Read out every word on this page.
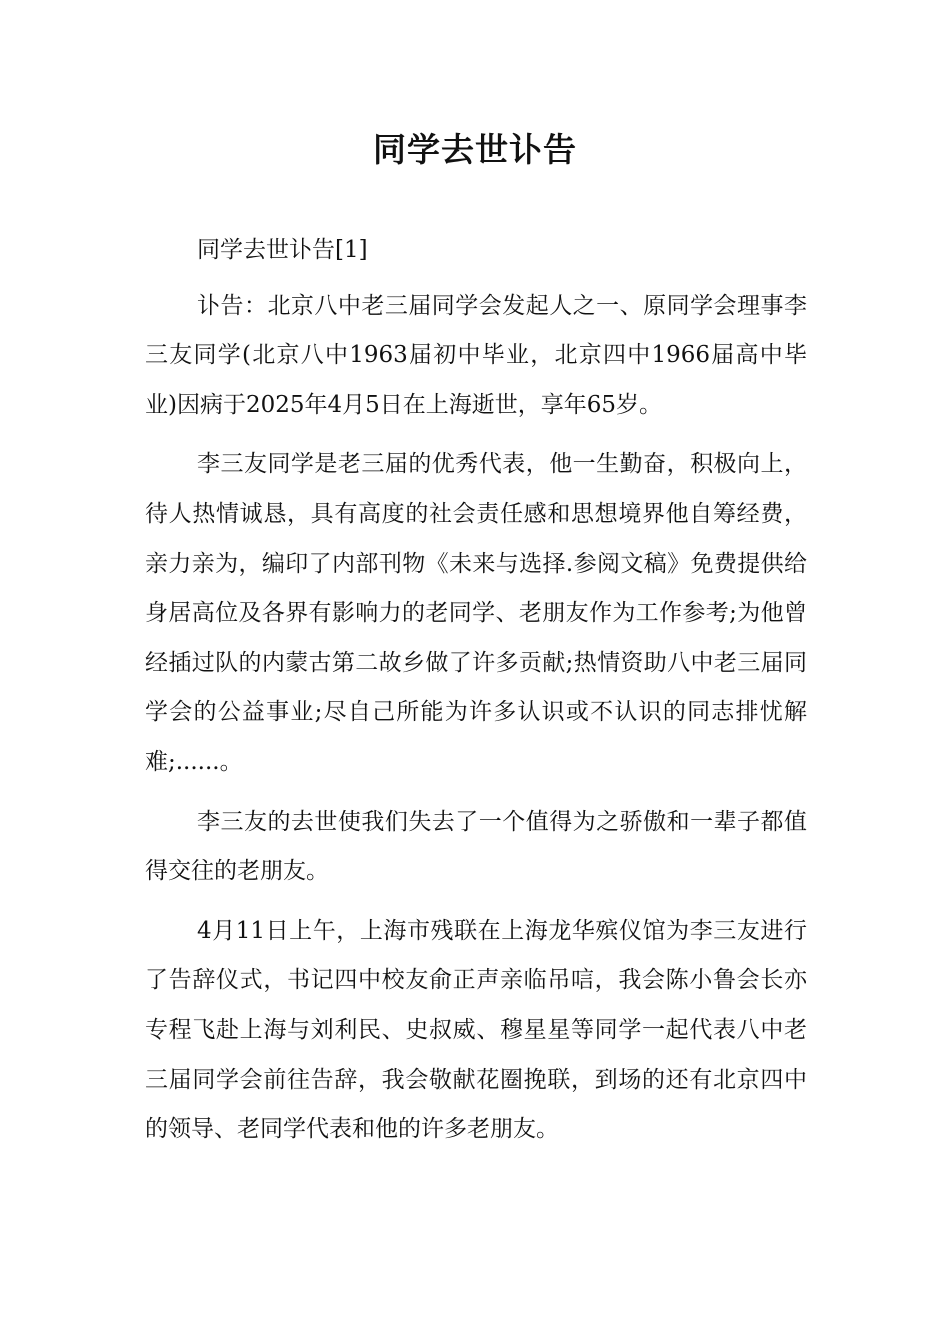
同学去世讣告

同学去世讣告[1]

讣告：北京八中老三届同学会发起人之一、原同学会理事李三友同学(北京八中1963届初中毕业，北京四中1966届高中毕业)因病于2025年4月5日在上海逝世，享年65岁。

李三友同学是老三届的优秀代表，他一生勤奋，积极向上，待人热情诚恳，具有高度的社会责任感和思想境界他自筹经费，亲力亲为，编印了内部刊物《未来与选择.参阅文稿》免费提供给身居高位及各界有影响力的老同学、老朋友作为工作参考;为他曾经插过队的内蒙古第二故乡做了许多贡献;热情资助八中老三届同学会的公益事业;尽自己所能为许多认识或不认识的同志排忧解难;......。

李三友的去世使我们失去了一个值得为之骄傲和一辈子都值得交往的老朋友。

4月11日上午，上海市残联在上海龙华殡仪馆为李三友进行了告辞仪式，书记四中校友俞正声亲临吊唁，我会陈小鲁会长亦专程飞赴上海与刘利民、史叔威、穆星星等同学一起代表八中老三届同学会前往告辞，我会敬献花圈挽联，到场的还有北京四中的领导、老同学代表和他的许多老朋友。
